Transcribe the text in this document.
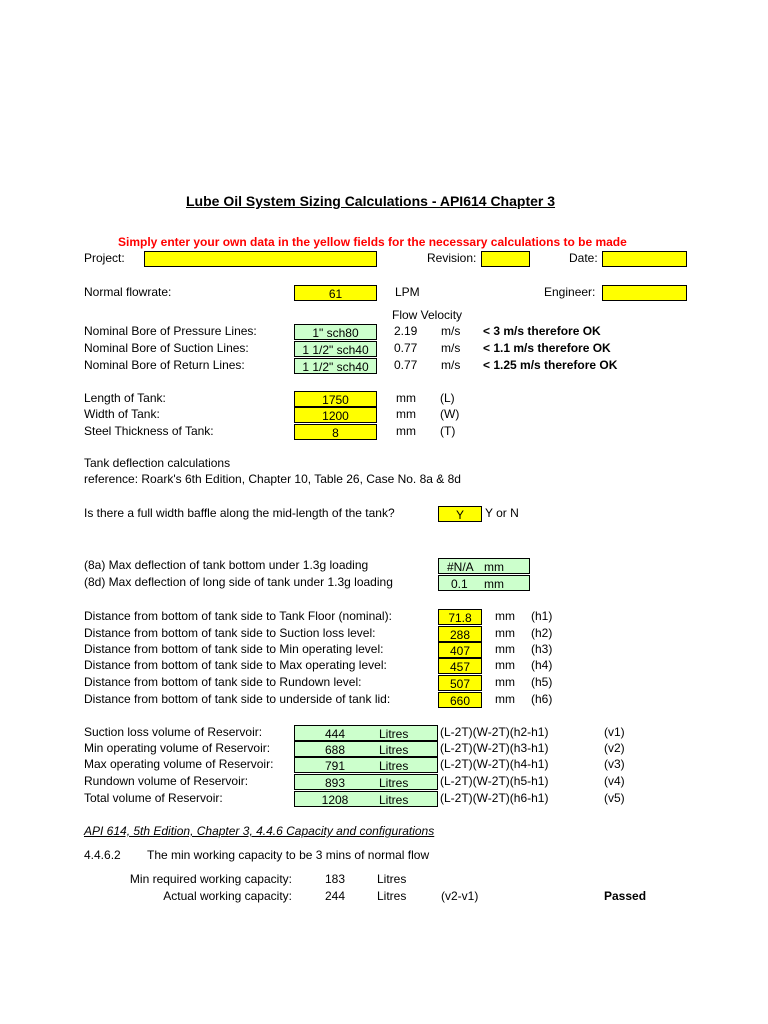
Lube Oil System Sizing Calculations - API614 Chapter 3
Simply enter your own data in the yellow fields for the necessary calculations to be made
Project:	Revision:	Date:
Normal flowrate:	61	LPM	Engineer:
Flow Velocity
Nominal Bore of Pressure Lines:	1" sch80	2.19 m/s < 3 m/s therefore OK
Nominal Bore of Suction Lines:	1 1/2" sch40	0.77 m/s < 1.1 m/s therefore OK
Nominal Bore of Return Lines:	1 1/2" sch40	0.77 m/s < 1.25 m/s therefore OK
Length of Tank:	1750	mm (L)
Width of Tank:	1200	mm (W)
Steel Thickness of Tank:	8	mm (T)
Tank deflection calculations
reference: Roark's 6th Edition, Chapter 10, Table 26, Case No. 8a & 8d
Is there a full width baffle along the mid-length of the tank?	Y	Y or N
(8a) Max deflection of tank bottom under 1.3g loading	#N/A mm
(8d) Max deflection of long side of tank under 1.3g loading	0.1 mm
Distance from bottom of tank side to Tank Floor (nominal):	71.8	mm (h1)
Distance from bottom of tank side to Suction loss level:	288	mm (h2)
Distance from bottom of tank side to Min operating level:	407	mm (h3)
Distance from bottom of tank side to Max operating level:	457	mm (h4)
Distance from bottom of tank side to Rundown level:	507	mm (h5)
Distance from bottom of tank side to underside of tank lid:	660	mm (h6)
Suction loss volume of Reservoir:	444	Litres	(L-2T)(W-2T)(h2-h1)	(v1)
Min operating volume of Reservoir:	688	Litres	(L-2T)(W-2T)(h3-h1)	(v2)
Max operating volume of Reservoir:	791	Litres	(L-2T)(W-2T)(h4-h1)	(v3)
Rundown volume of Reservoir:	893	Litres	(L-2T)(W-2T)(h5-h1)	(v4)
Total volume of Reservoir:	1208	Litres	(L-2T)(W-2T)(h6-h1)	(v5)
API 614, 5th Edition, Chapter 3, 4.4.6 Capacity and configurations
4.4.6.2 The min working capacity to be 3 mins of normal flow
Min required working capacity:	183	Litres
Actual working capacity:	244	Litres	(v2-v1)	Passed
